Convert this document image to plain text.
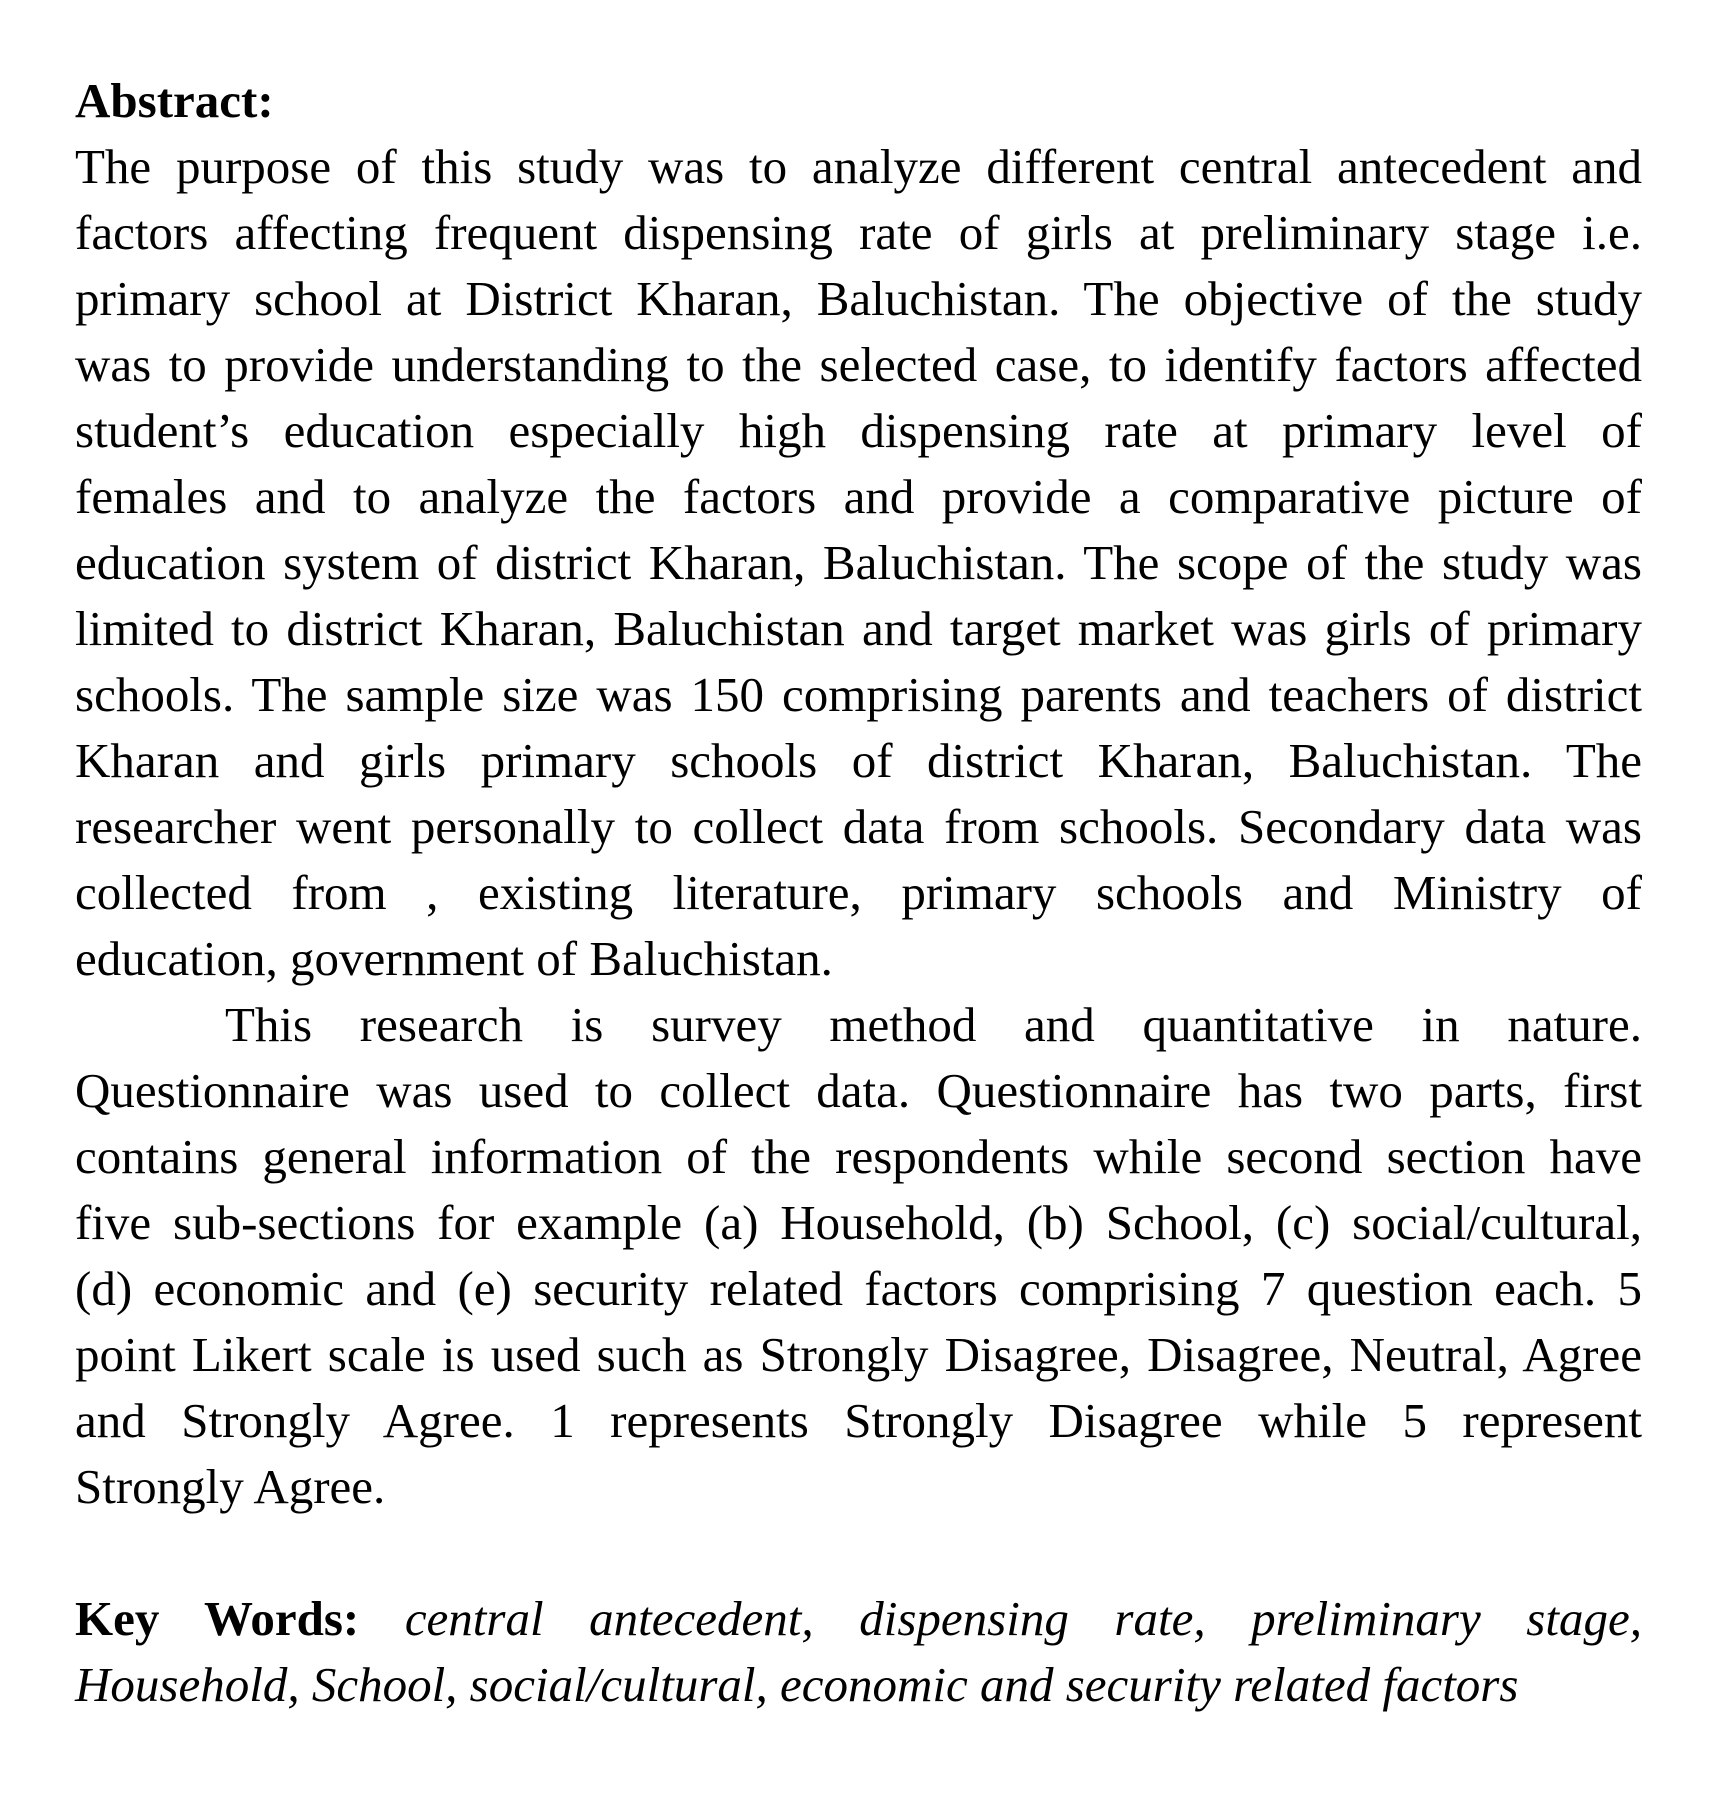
Abstract:
The purpose of this study was to analyze different central antecedent and
factors affecting frequent dispensing rate of girls at preliminary stage i.e.
primary school at District Kharan, Baluchistan. The objective of the study
was to provide understanding to the selected case, to identify factors affected
student’s education especially high dispensing rate at primary level of
females and to analyze the factors and provide a comparative picture of
education system of district Kharan, Baluchistan. The scope of the study was
limited to district Kharan, Baluchistan and target market was girls of primary
schools. The sample size was 150 comprising parents and teachers of district
Kharan and girls primary schools of district Kharan, Baluchistan. The
researcher went personally to collect data from schools. Secondary data was
collected from , existing literature, primary schools and Ministry of
education, government of Baluchistan.
This research is survey method and quantitative in nature.
Questionnaire was used to collect data. Questionnaire has two parts, first
contains general information of the respondents while second section have
five sub-sections for example (a) Household, (b) School, (c) social/cultural,
(d) economic and (e) security related factors comprising 7 question each. 5
point Likert scale is used such as Strongly Disagree, Disagree, Neutral, Agree
and Strongly Agree. 1 represents Strongly Disagree while 5 represent
Strongly Agree.
Key Words: central antecedent, dispensing rate, preliminary stage,
Household, School, social/cultural, economic and security related factors
